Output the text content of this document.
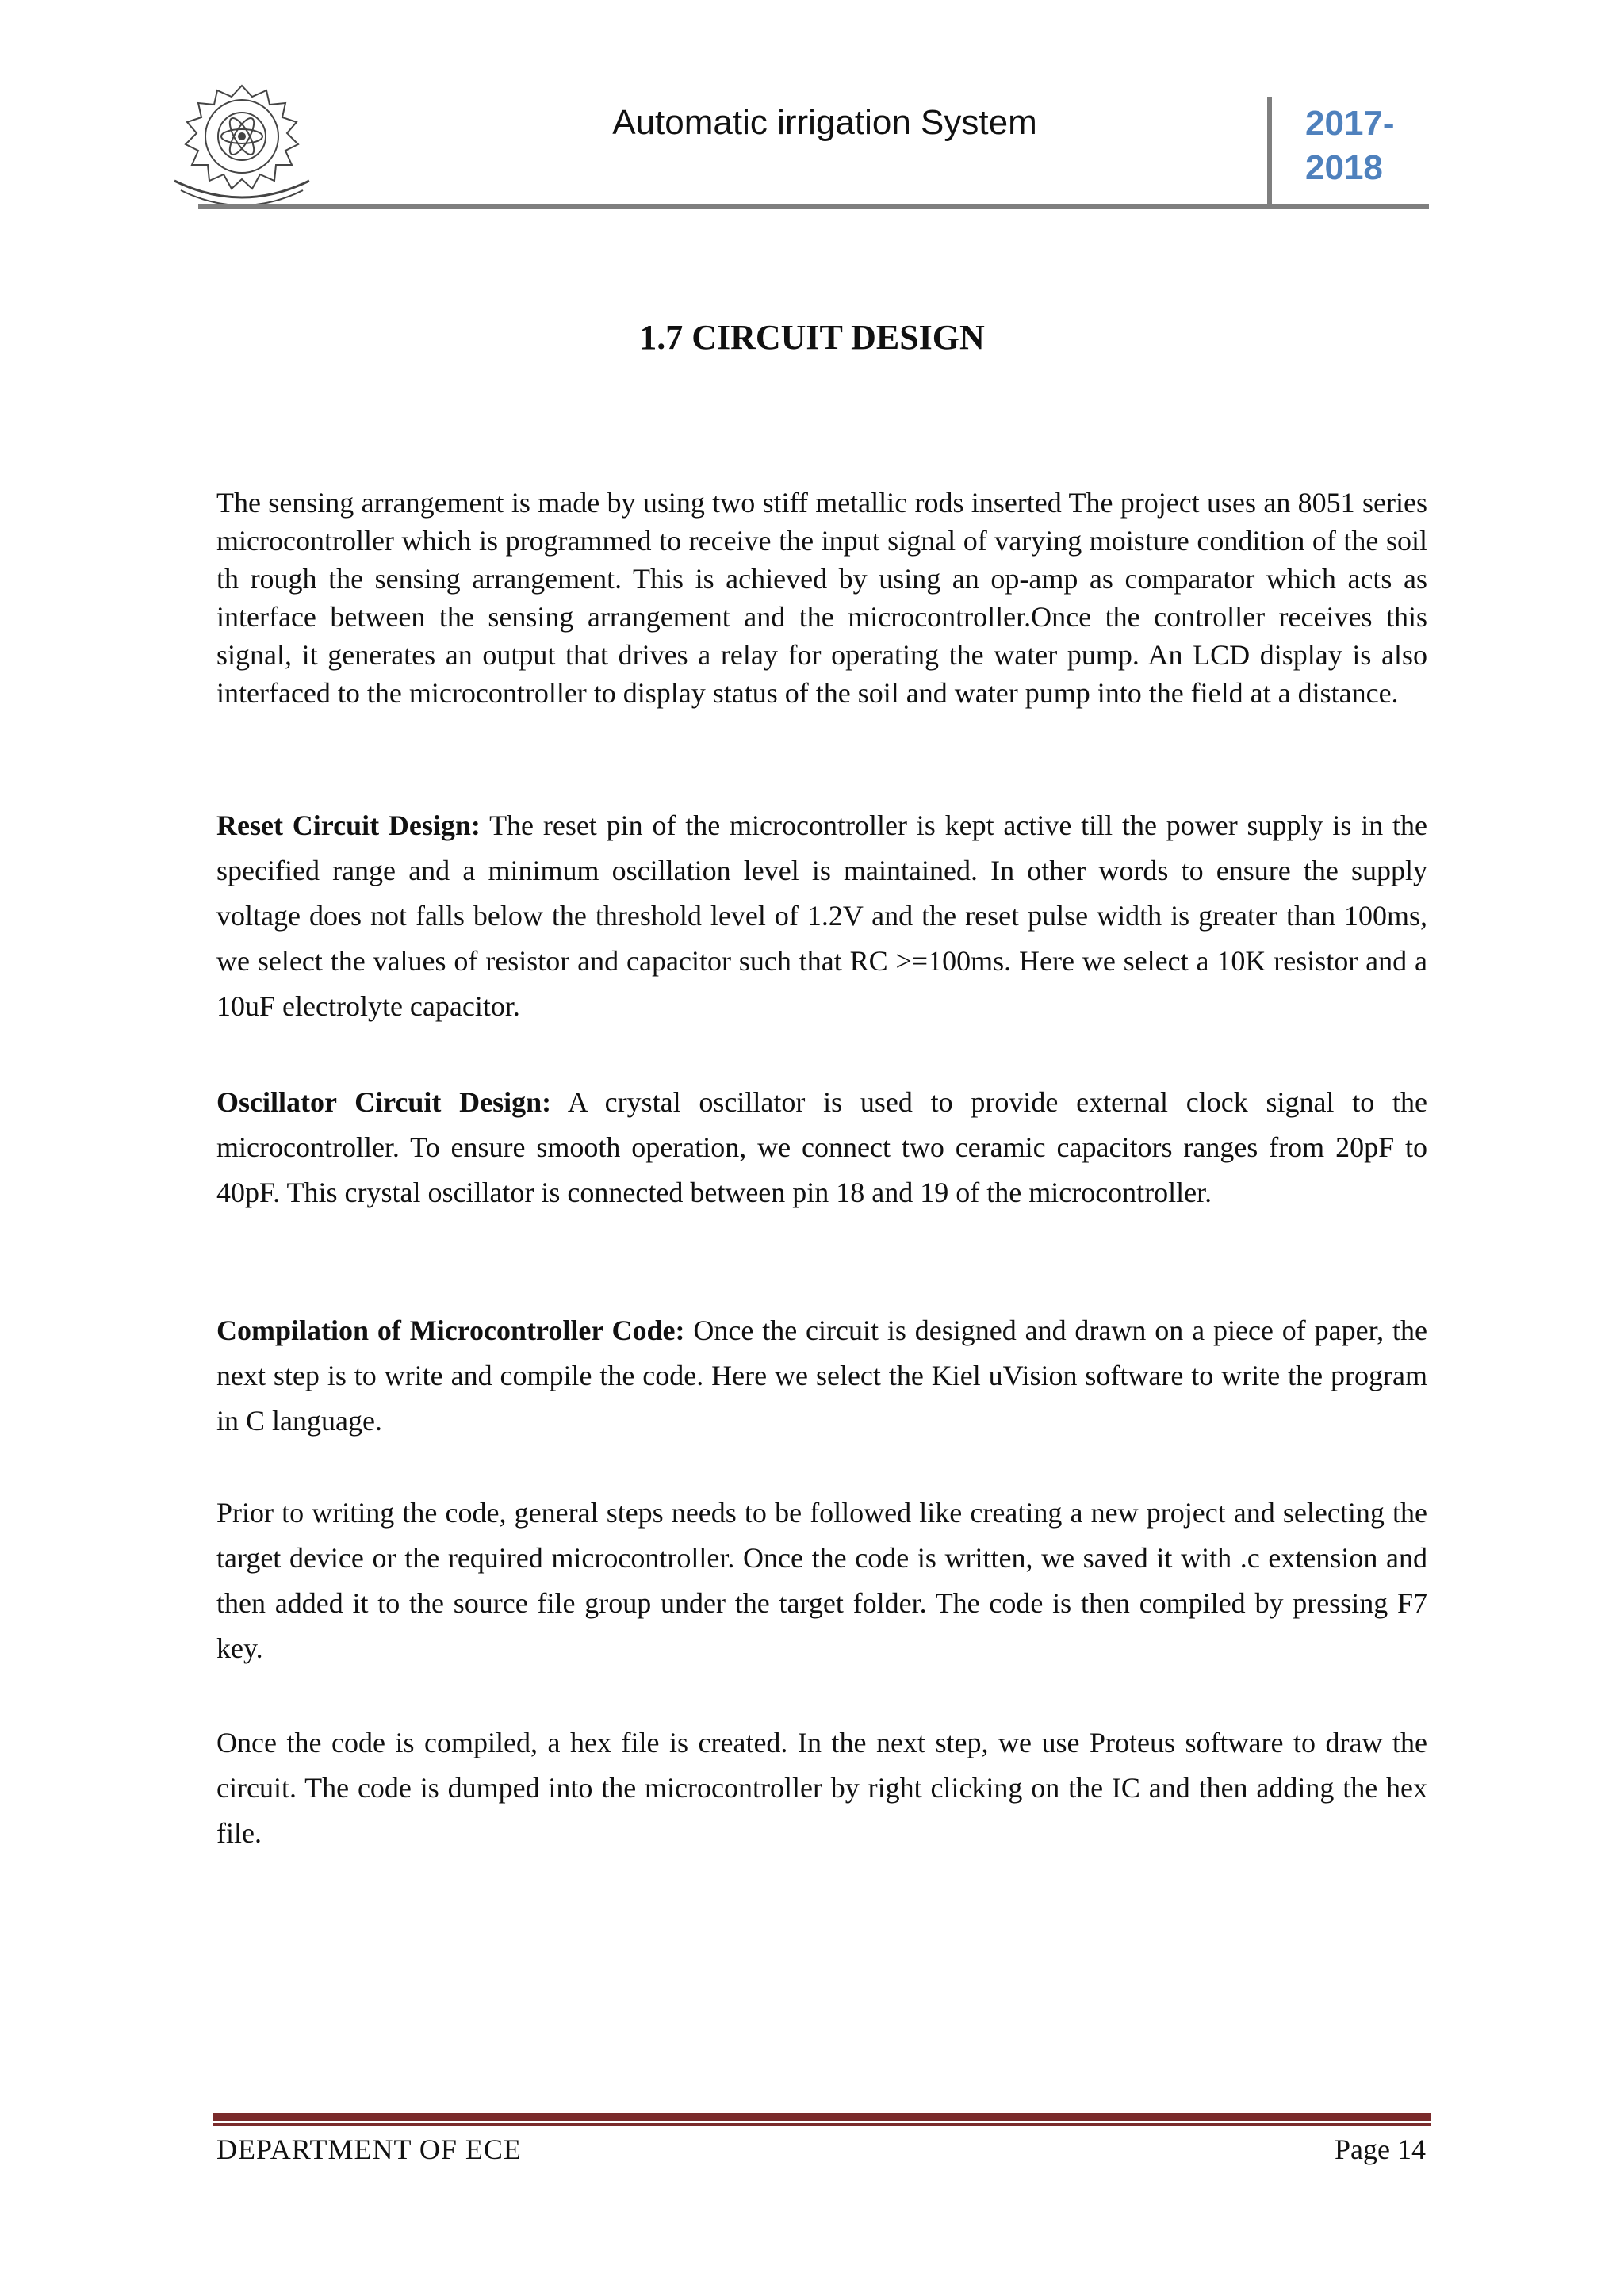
Automatic irrigation System	2017-
2018
1.7 CIRCUIT DESIGN

The sensing arrangement is made by using two stiff metallic rods inserted The project uses an 8051 series microcontroller which is programmed to receive the input signal of varying moisture condition of the soil th rough the sensing arrangement. This is achieved by using an op-amp as comparator which acts as interface between the sensing arrangement and the microcontroller.Once the controller receives this signal, it generates an output that drives a relay for operating the water pump. An LCD display is also interfaced to the microcontroller to display status of the soil and water pump into the field at a distance.

Reset Circuit Design: The reset pin of the microcontroller is kept active till the power supply is in the specified range and a minimum oscillation level is maintained. In other words to ensure the supply voltage does not falls below the threshold level of 1.2V and the reset pulse width is greater than 100ms, we select the values of resistor and capacitor such that RC >=100ms. Here we select a 10K resistor and a 10uF electrolyte capacitor.

Oscillator Circuit Design: A crystal oscillator is used to provide external clock signal to the microcontroller. To ensure smooth operation, we connect two ceramic capacitors ranges from 20pF to 40pF. This crystal oscillator is connected between pin 18 and 19 of the microcontroller.

Compilation of Microcontroller Code: Once the circuit is designed and drawn on a piece of paper, the next step is to write and compile the code. Here we select the Kiel uVision software to write the program in C language.

Prior to writing the code, general steps needs to be followed like creating a new project and selecting the target device or the required microcontroller. Once the code is written, we saved it with .c extension and then added it to the source file group under the target folder. The code is then compiled by pressing F7 key.

Once the code is compiled, a hex file is created. In the next step, we use Proteus software to draw the circuit. The code is dumped into the microcontroller by right clicking on the IC and then adding the hex file.

DEPARTMENT OF ECE	Page 14
